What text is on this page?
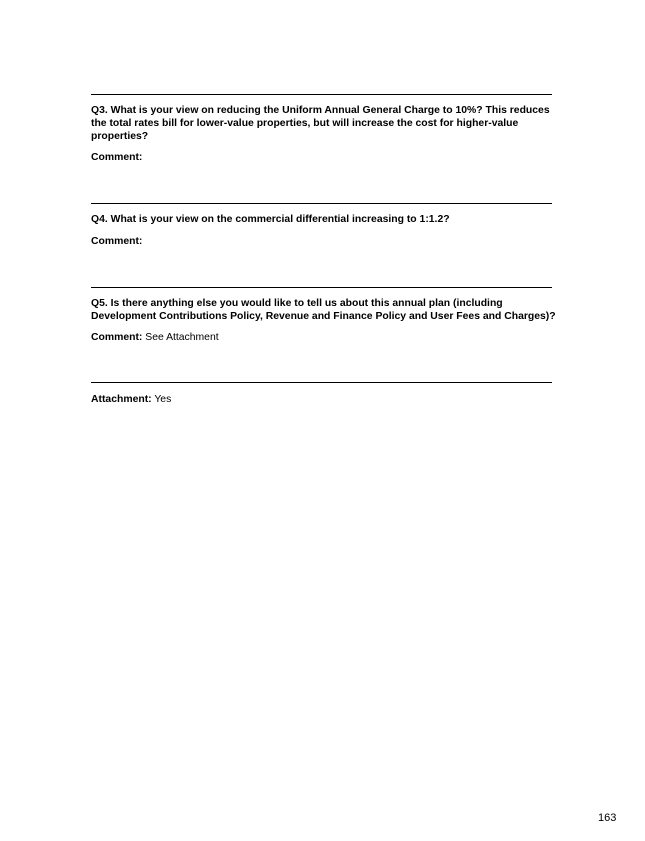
Q3. What is your view on reducing the Uniform Annual General Charge to 10%? This reduces the total rates bill for lower-value properties, but will increase the cost for higher-value properties?

Comment:

Q4. What is your view on the commercial differential increasing to 1:1.2?

Comment:

Q5. Is there anything else you would like to tell us about this annual plan (including Development Contributions Policy, Revenue and Finance Policy and User Fees and Charges)?

Comment: See Attachment

Attachment: Yes

163
